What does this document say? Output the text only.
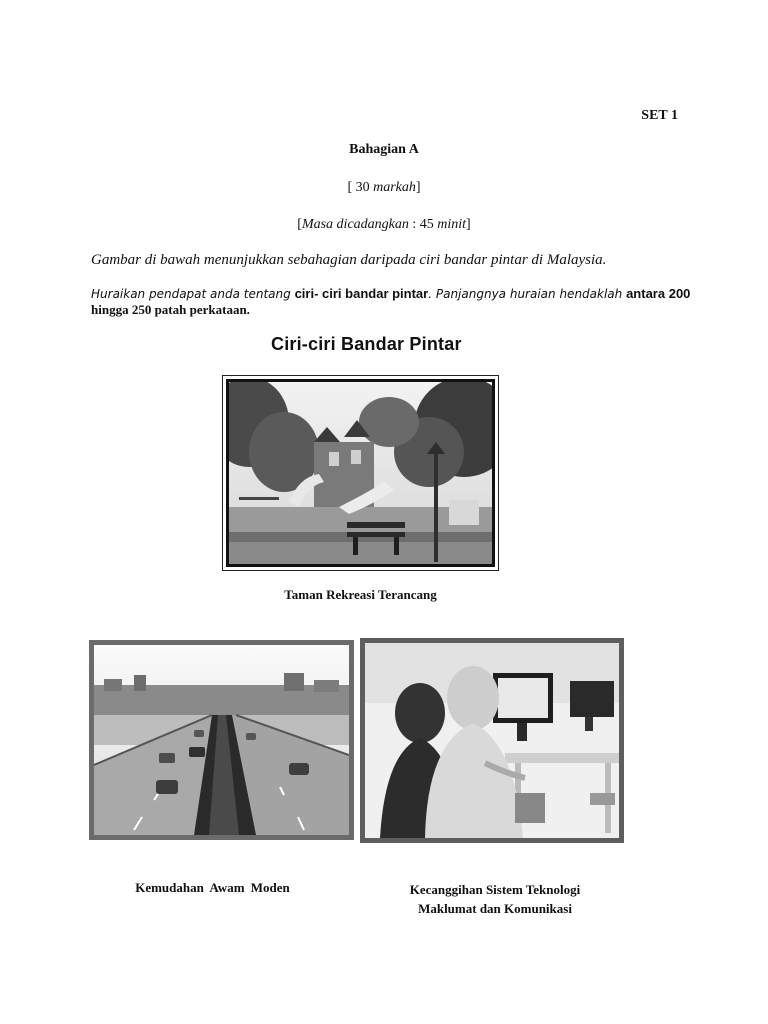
SET 1
Bahagian A
[ 30 markah]
[Masa dicadangkan : 45 minit]
Gambar di bawah menunjukkan sebahagian daripada ciri bandar pintar di Malaysia.
Huraikan pendapat anda tentang ciri- ciri bandar pintar. Panjangnya huraian hendaklah antara 200
hingga 250 patah perkataan.
Ciri-ciri Bandar Pintar
Taman Rekreasi Terancang
Kemudahan Awam Moden	Kecanggihan Sistem Teknologi
Maklumat dan Komunikasi
